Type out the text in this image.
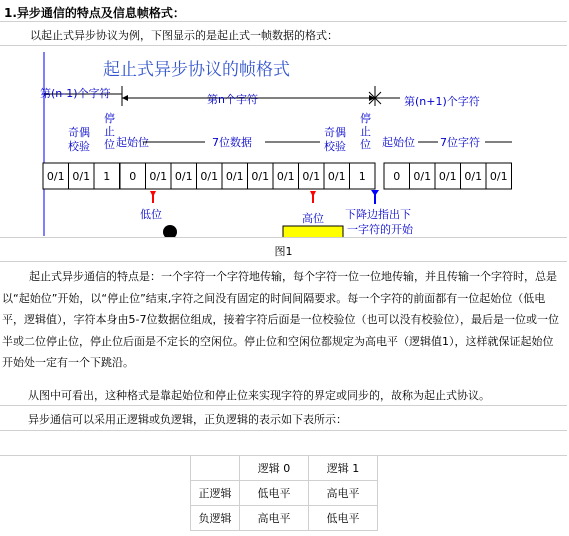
1.异步通信的特点及信息帧格式：
以起止式异步协议为例，下图显示的是起止式一帧数据的格式：
起止式异步协议的帧格式
第(n-1)个字符	第n个字符	第(n+1)个字符
奇偶
校验
停
止
位 起始位	7位数据
奇偶
校验
停
止
位 起始位 7位字符
0/1 0/1 1 0 0/1 0/1 0/1 0/1 0/1 0/1 0/1 0/1 1	0 0/1 0/1 0/1 0/1
低位	高位 下降边指出下
一字符的开始
图1
起止式异步通信的特点是：一个字符一个字符地传输，每个字符一位一位地传输，并且传输一个字符时，总是以“起始位”开始，以“停止位”结束,字符之间没有固定的时间间隔要求。每一个字符的前面都有一位起始位（低电平，逻辑值），字符本身由5-7位数据位组成，接着字符后面是一位校验位（也可以没有校验位），最后是一位或一位半或二位停止位，停止位后面是不定长的空闲位。停止位和空闲位都规定为高电平（逻辑值1），这样就保证起始位开始处一定有一个下跳沿。
从图中可看出，这种格式是靠起始位和停止位来实现字符的界定或同步的，故称为起止式协议。
异步通信可以采用正逻辑或负逻辑，正负逻辑的表示如下表所示：
	逻辑 0	逻辑 1
正逻辑	低电平	高电平
负逻辑	高电平	低电平
